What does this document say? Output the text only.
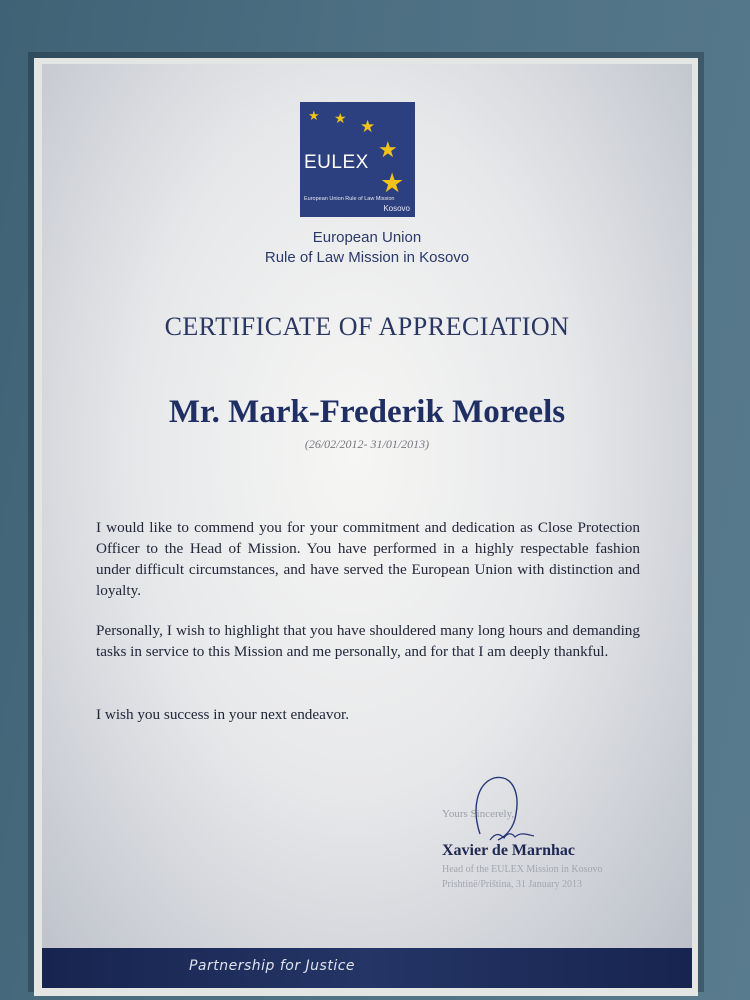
★ ★ ★
★
★
EULEX
European Union Rule of Law Mission
Kosovo
European Union
Rule of Law Mission in Kosovo
CERTIFICATE OF APPRECIATION
Mr. Mark-Frederik Moreels
(26/02/2012- 31/01/2013)

I would like to commend you for your commitment and dedication as Close Protection Officer to the Head of Mission. You have performed in a highly respectable fashion under difficult circumstances, and have served the European Union with distinction and loyalty.

Personally, I wish to highlight that you have shouldered many long hours and demanding tasks in service to this Mission and me personally, and for that I am deeply thankful.

I wish you success in your next endeavor.

Yours Sincerely,
Xavier de Marnhac
Head of the EULEX Mission in Kosovo
Prishtinë/Priština, 31 January 2013
Partnership for Justice
